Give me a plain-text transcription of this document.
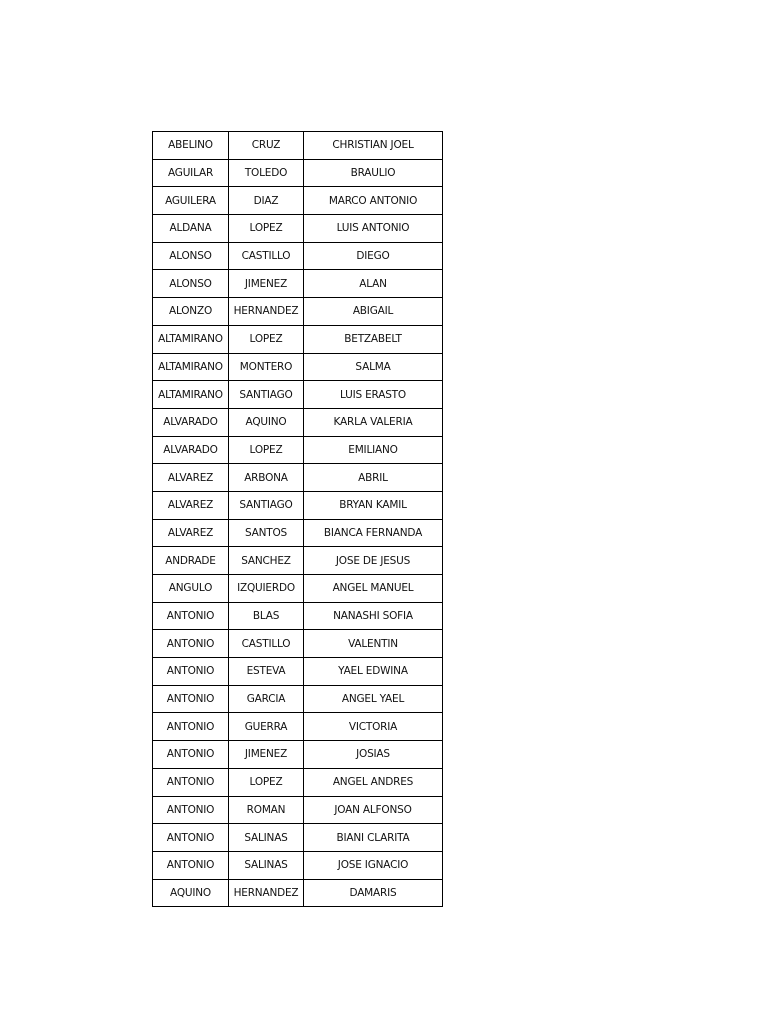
ABELINO	CRUZ	CHRISTIAN JOEL
AGUILAR	TOLEDO	BRAULIO
AGUILERA	DIAZ	MARCO ANTONIO
ALDANA	LOPEZ	LUIS ANTONIO
ALONSO	CASTILLO	DIEGO
ALONSO	JIMENEZ	ALAN
ALONZO	HERNANDEZ	ABIGAIL
ALTAMIRANO	LOPEZ	BETZABELT
ALTAMIRANO	MONTERO	SALMA
ALTAMIRANO	SANTIAGO	LUIS ERASTO
ALVARADO	AQUINO	KARLA VALERIA
ALVARADO	LOPEZ	EMILIANO
ALVAREZ	ARBONA	ABRIL
ALVAREZ	SANTIAGO	BRYAN KAMIL
ALVAREZ	SANTOS	BIANCA FERNANDA
ANDRADE	SANCHEZ	JOSE DE JESUS
ANGULO	IZQUIERDO	ANGEL MANUEL
ANTONIO	BLAS	NANASHI SOFIA
ANTONIO	CASTILLO	VALENTIN
ANTONIO	ESTEVA	YAEL EDWINA
ANTONIO	GARCIA	ANGEL YAEL
ANTONIO	GUERRA	VICTORIA
ANTONIO	JIMENEZ	JOSIAS
ANTONIO	LOPEZ	ANGEL ANDRES
ANTONIO	ROMAN	JOAN ALFONSO
ANTONIO	SALINAS	BIANI CLARITA
ANTONIO	SALINAS	JOSE IGNACIO
AQUINO	HERNANDEZ	DAMARIS
